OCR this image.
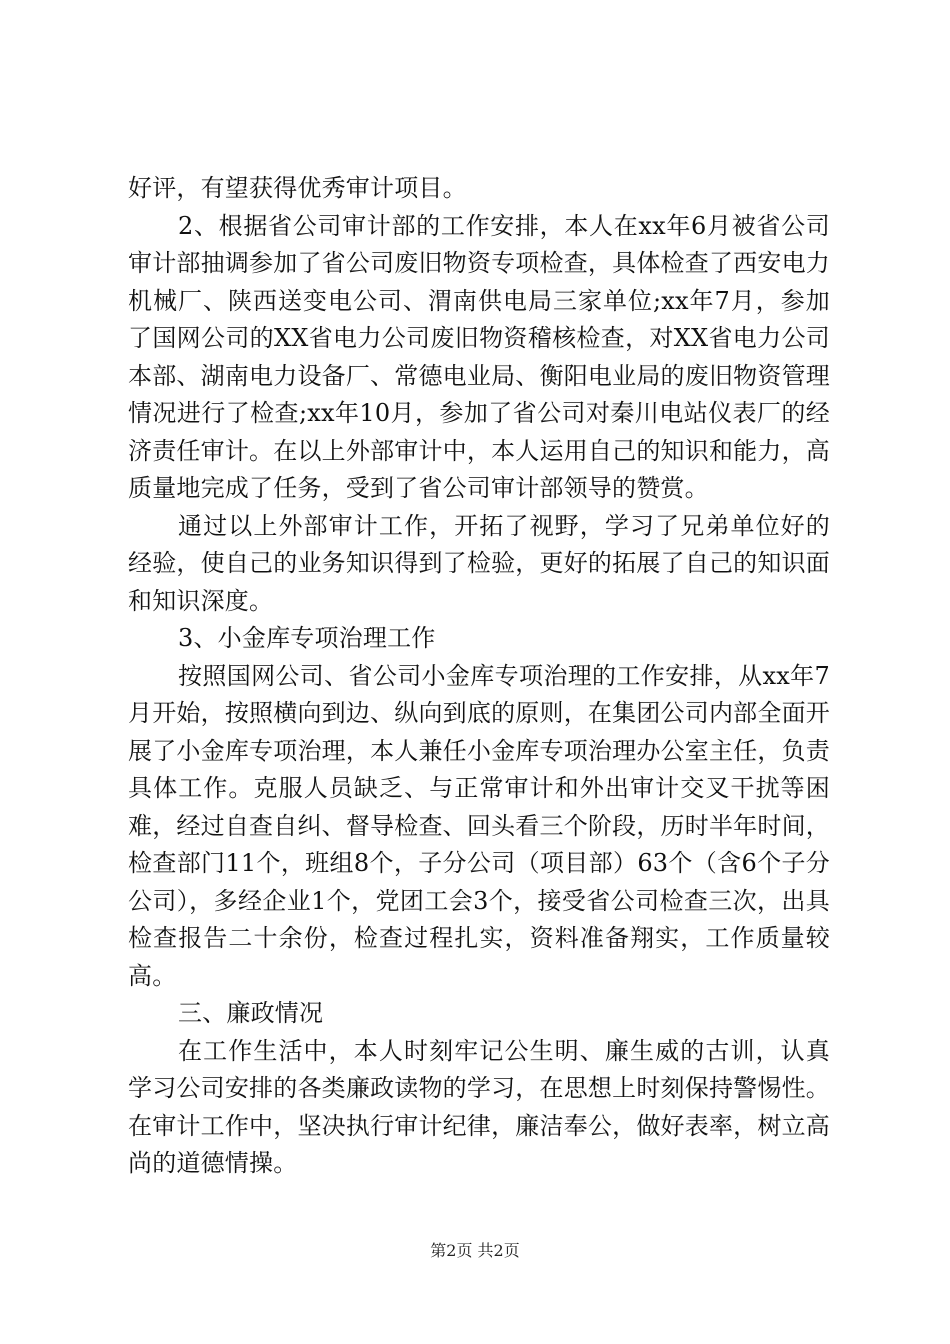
好评，有望获得优秀审计项目。

2、根据省公司审计部的工作安排，本人在xx年6月被省公司审计部抽调参加了省公司废旧物资专项检查，具体检查了西安电力机械厂、陕西送变电公司、渭南供电局三家单位;xx年7月，参加了国网公司的XX省电力公司废旧物资稽核检查，对XX省电力公司本部、湖南电力设备厂、常德电业局、衡阳电业局的废旧物资管理情况进行了检查;xx年10月，参加了省公司对秦川电站仪表厂的经济责任审计。在以上外部审计中，本人运用自己的知识和能力，高质量地完成了任务，受到了省公司审计部领导的赞赏。

通过以上外部审计工作，开拓了视野，学习了兄弟单位好的经验，使自己的业务知识得到了检验，更好的拓展了自己的知识面和知识深度。

3、小金库专项治理工作

按照国网公司、省公司小金库专项治理的工作安排，从xx年7月开始，按照横向到边、纵向到底的原则，在集团公司内部全面开展了小金库专项治理，本人兼任小金库专项治理办公室主任，负责具体工作。克服人员缺乏、与正常审计和外出审计交叉干扰等困难，经过自查自纠、督导检查、回头看三个阶段，历时半年时间，检查部门11个，班组8个，子分公司（项目部）63个（含6个子分公司），多经企业1个，党团工会3个，接受省公司检查三次，出具检查报告二十余份，检查过程扎实，资料准备翔实，工作质量较高。

三、廉政情况

在工作生活中，本人时刻牢记公生明、廉生威的古训，认真学习公司安排的各类廉政读物的学习，在思想上时刻保持警惕性。在审计工作中，坚决执行审计纪律，廉洁奉公，做好表率，树立高尚的道德情操。

第2页 共2页
